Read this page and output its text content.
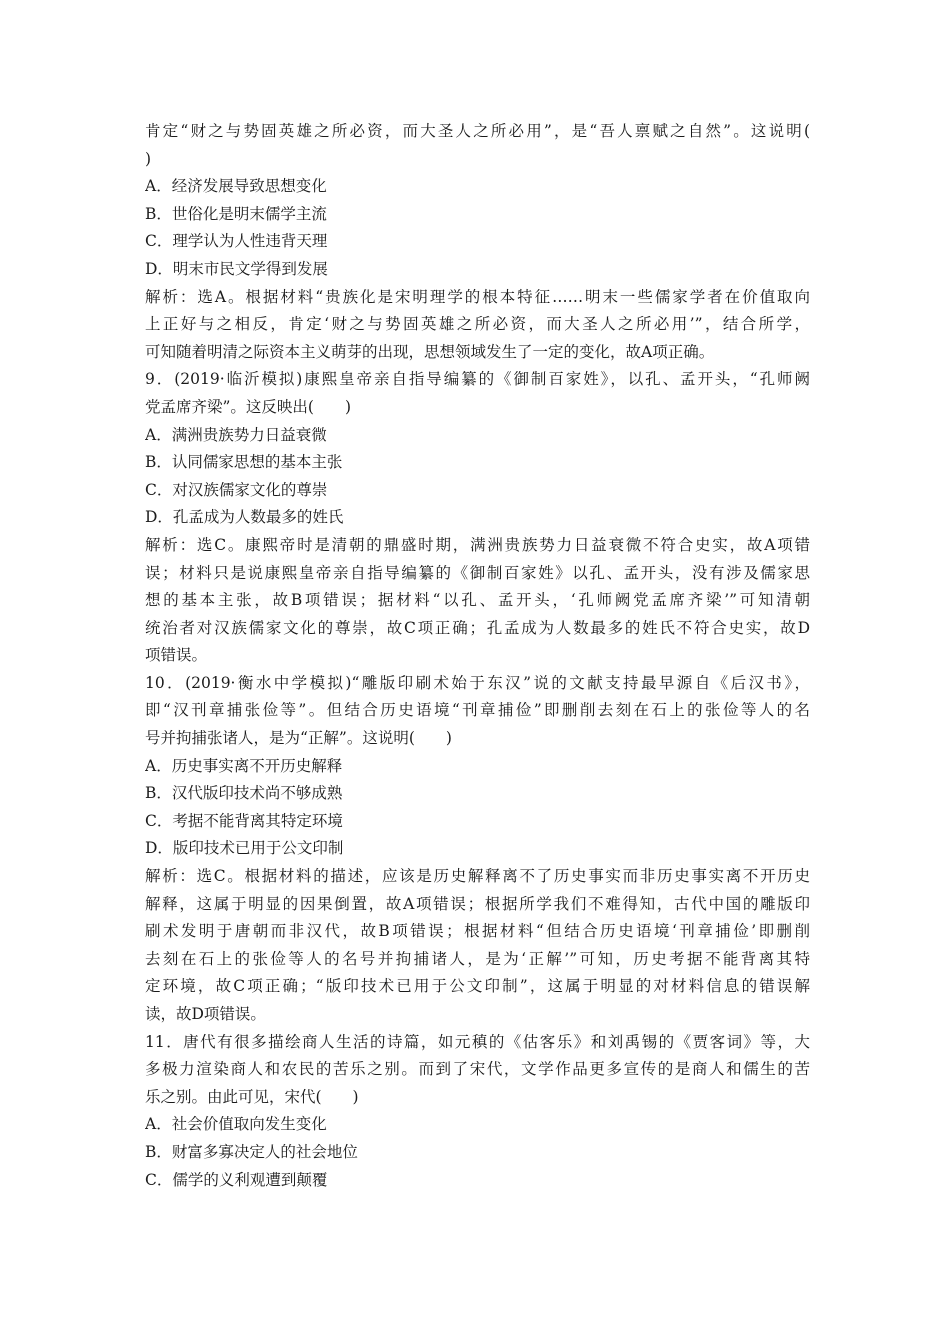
肯定“财之与势固英雄之所必资，而大圣人之所必用”，是“吾人禀赋之自然”。这说明(
)
A．经济发展导致思想变化
B．世俗化是明末儒学主流
C．理学认为人性违背天理
D．明末市民文学得到发展
解析：选A。根据材料“贵族化是宋明理学的根本特征……明末一些儒家学者在价值取向
上正好与之相反，肯定‘财之与势固英雄之所必资，而大圣人之所必用’”，结合所学，
可知随着明清之际资本主义萌芽的出现，思想领域发生了一定的变化，故A项正确。
9．(2019·临沂模拟)康熙皇帝亲自指导编纂的《御制百家姓》，以孔、孟开头，“孔师阙
党孟席齐梁”。这反映出(　　)
A．满洲贵族势力日益衰微
B．认同儒家思想的基本主张
C．对汉族儒家文化的尊崇
D．孔孟成为人数最多的姓氏
解析：选C。康熙帝时是清朝的鼎盛时期，满洲贵族势力日益衰微不符合史实，故A项错
误；材料只是说康熙皇帝亲自指导编纂的《御制百家姓》以孔、孟开头，没有涉及儒家思
想的基本主张，故B项错误；据材料“以孔、孟开头，‘孔师阙党孟席齐梁’”可知清朝
统治者对汉族儒家文化的尊崇，故C项正确；孔孟成为人数最多的姓氏不符合史实，故D
项错误。
10．(2019·衡水中学模拟)“雕版印刷术始于东汉”说的文献支持最早源自《后汉书》，
即“汉刊章捕张俭等”。但结合历史语境“刊章捕俭”即删削去刻在石上的张俭等人的名
号并拘捕张诸人，是为“正解”。这说明(　　)
A．历史事实离不开历史解释
B．汉代版印技术尚不够成熟
C．考据不能背离其特定环境
D．版印技术已用于公文印制
解析：选C。根据材料的描述，应该是历史解释离不了历史事实而非历史事实离不开历史
解释，这属于明显的因果倒置，故A项错误；根据所学我们不难得知，古代中国的雕版印
刷术发明于唐朝而非汉代，故B项错误；根据材料“但结合历史语境‘刊章捕俭’即删削
去刻在石上的张俭等人的名号并拘捕诸人，是为‘正解’”可知，历史考据不能背离其特
定环境，故C项正确；“版印技术已用于公文印制”，这属于明显的对材料信息的错误解
读，故D项错误。
11．唐代有很多描绘商人生活的诗篇，如元稹的《估客乐》和刘禹锡的《贾客词》等，大
多极力渲染商人和农民的苦乐之别。而到了宋代，文学作品更多宣传的是商人和儒生的苦
乐之别。由此可见，宋代(　　)
A．社会价值取向发生变化
B．财富多寡决定人的社会地位
C．儒学的义利观遭到颠覆
